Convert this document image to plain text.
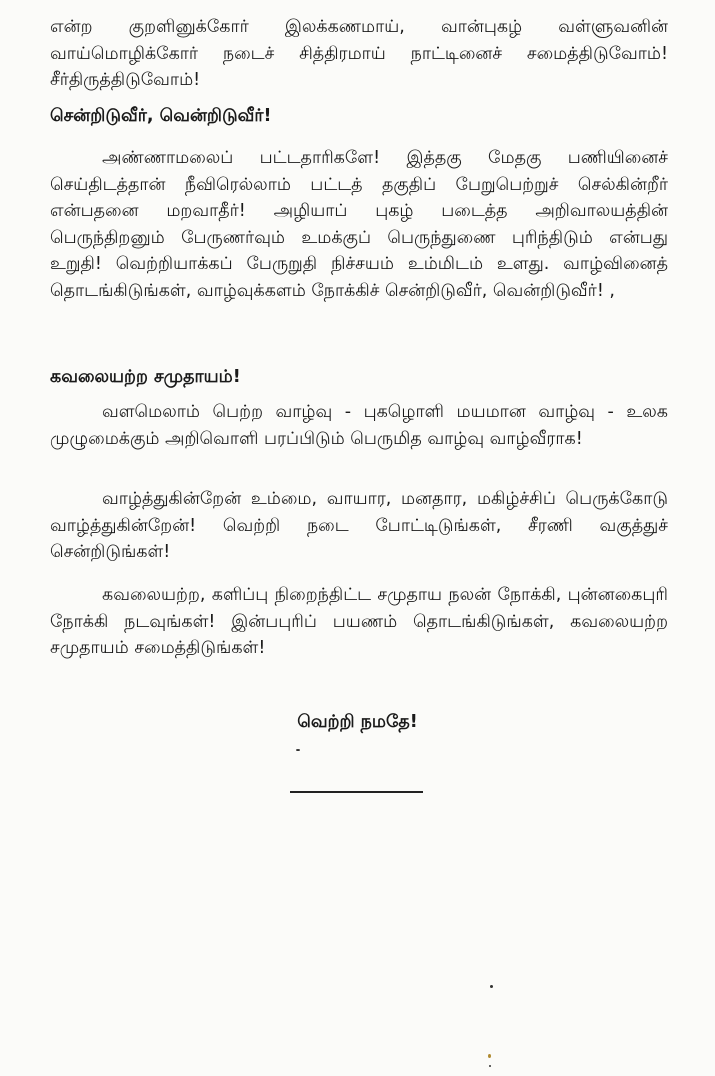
என்ற குறளினுக்கோர் இலக்கணமாய், வான்புகழ் வள்ளுவனின் வாய்மொழிக்கோர் நடைச் சித்திரமாய் நாட்டினைச் சமைத்திடுவோம்! சீர்திருத்திடுவோம்!

சென்றிடுவீர், வென்றிடுவீர்!

அண்ணாமலைப் பட்டதாரிகளே! இத்தகு மேதகு பணியினைச் செய்திடத்தான் நீவிரெல்லாம் பட்டத் தகுதிப் பேறுபெற்றுச் செல்கின்றீர் என்பதனை மறவாதீர்! அழியாப் புகழ் படைத்த அறிவாலயத்தின் பெருந்திறனும் பேருணர்வும் உமக்குப் பெருந்துணை புரிந்திடும் என்பது உறுதி! வெற்றியாக்கப் பேருறுதி நிச்சயம் உம்மிடம் உளது. வாழ்வினைத் தொடங்கிடுங்கள், வாழ்வுக்களம் நோக்கிச் சென்றிடுவீர், வென்றிடுவீர்! ,

கவலையற்ற சமுதாயம்!

வளமெலாம் பெற்ற வாழ்வு - புகழொளி மயமான வாழ்வு - உலக முழுமைக்கும் அறிவொளி பரப்பிடும் பெருமித வாழ்வு வாழ்வீராக!

வாழ்த்துகின்றேன் உம்மை, வாயார, மனதார, மகிழ்ச்சிப் பெருக்கோடு வாழ்த்துகின்றேன்! வெற்றி நடை போட்டிடுங்கள், சீரணி வகுத்துச் சென்றிடுங்கள்!

கவலையற்ற, களிப்பு நிறைந்திட்ட சமுதாய நலன் நோக்கி, புன்னகைபுரி நோக்கி நடவுங்கள்! இன்பபுரிப் பயணம் தொடங்கிடுங்கள், கவலையற்ற சமுதாயம் சமைத்திடுங்கள்!

வெற்றி நமதே!
